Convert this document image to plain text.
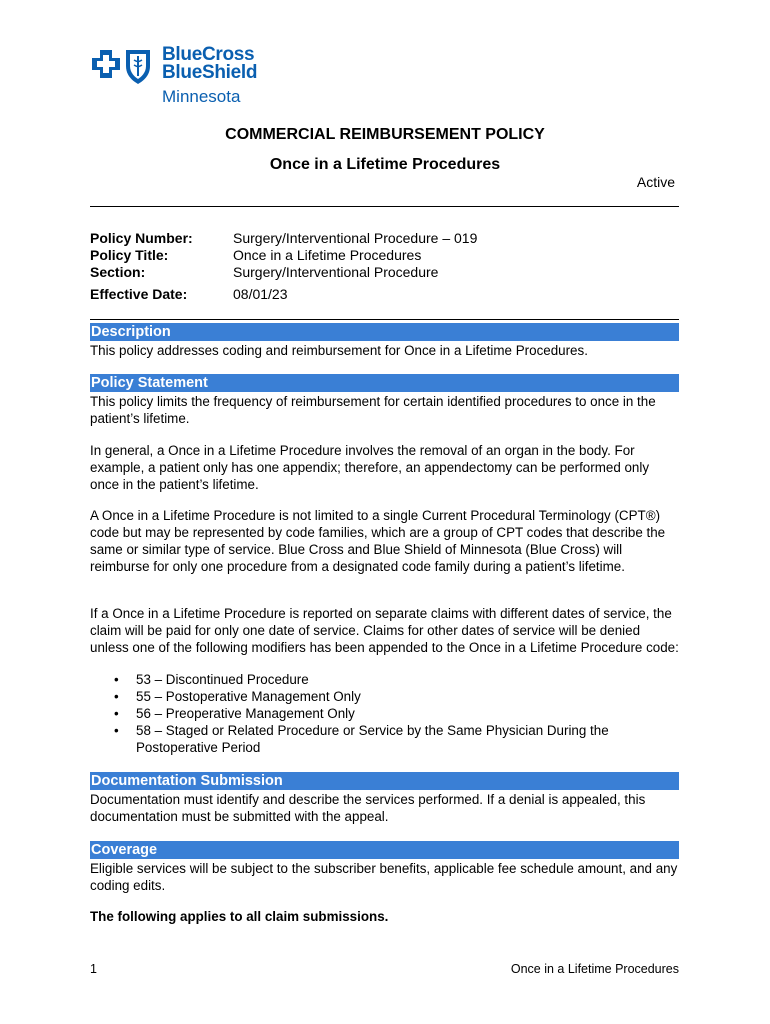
BlueCross
BlueShield
Minnesota
COMMERCIAL REIMBURSEMENT POLICY
Once in a Lifetime Procedures
Active
Policy Number:	Surgery/Interventional Procedure – 019
Policy Title:	Once in a Lifetime Procedures
Section:	Surgery/Interventional Procedure
Effective Date:	08/01/23
Description
This policy addresses coding and reimbursement for Once in a Lifetime Procedures.
Policy Statement
This policy limits the frequency of reimbursement for certain identified procedures to once in the patient’s lifetime.
In general, a Once in a Lifetime Procedure involves the removal of an organ in the body. For example, a patient only has one appendix; therefore, an appendectomy can be performed only once in the patient’s lifetime.
A Once in a Lifetime Procedure is not limited to a single Current Procedural Terminology (CPT®) code but may be represented by code families, which are a group of CPT codes that describe the same or similar type of service. Blue Cross and Blue Shield of Minnesota (Blue Cross) will reimburse for only one procedure from a designated code family during a patient’s lifetime.
If a Once in a Lifetime Procedure is reported on separate claims with different dates of service, the claim will be paid for only one date of service. Claims for other dates of service will be denied unless one of the following modifiers has been appended to the Once in a Lifetime Procedure code:
• 53 – Discontinued Procedure
• 55 – Postoperative Management Only
• 56 – Preoperative Management Only
• 58 – Staged or Related Procedure or Service by the Same Physician During the Postoperative Period
Documentation Submission
Documentation must identify and describe the services performed. If a denial is appealed, this documentation must be submitted with the appeal.
Coverage
Eligible services will be subject to the subscriber benefits, applicable fee schedule amount, and any coding edits.
The following applies to all claim submissions.
1	Once in a Lifetime Procedures
